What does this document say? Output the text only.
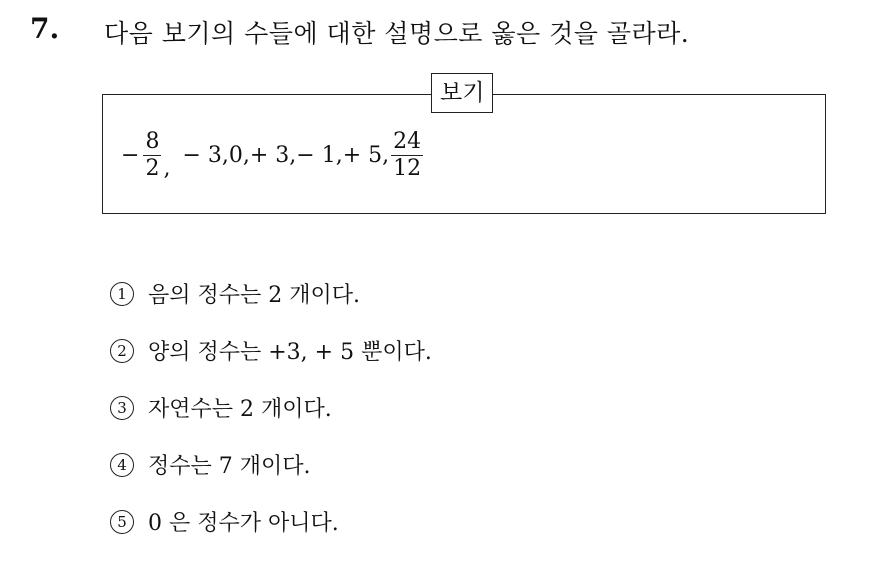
7. 다음 보기의 수들에 대한 설명으로 옳은 것을 골라라.
보기
− $\frac{8}{2}$ ,
− 3, 0, + 3, − 1, + 5, $\frac{24}{12}$
1 음의 정수는 2 개이다.
2 양의 정수는 +3, + 5 뿐이다.
3 자연수는 2 개이다.
4 정수는 7 개이다.
5 0 은 정수가 아니다.
